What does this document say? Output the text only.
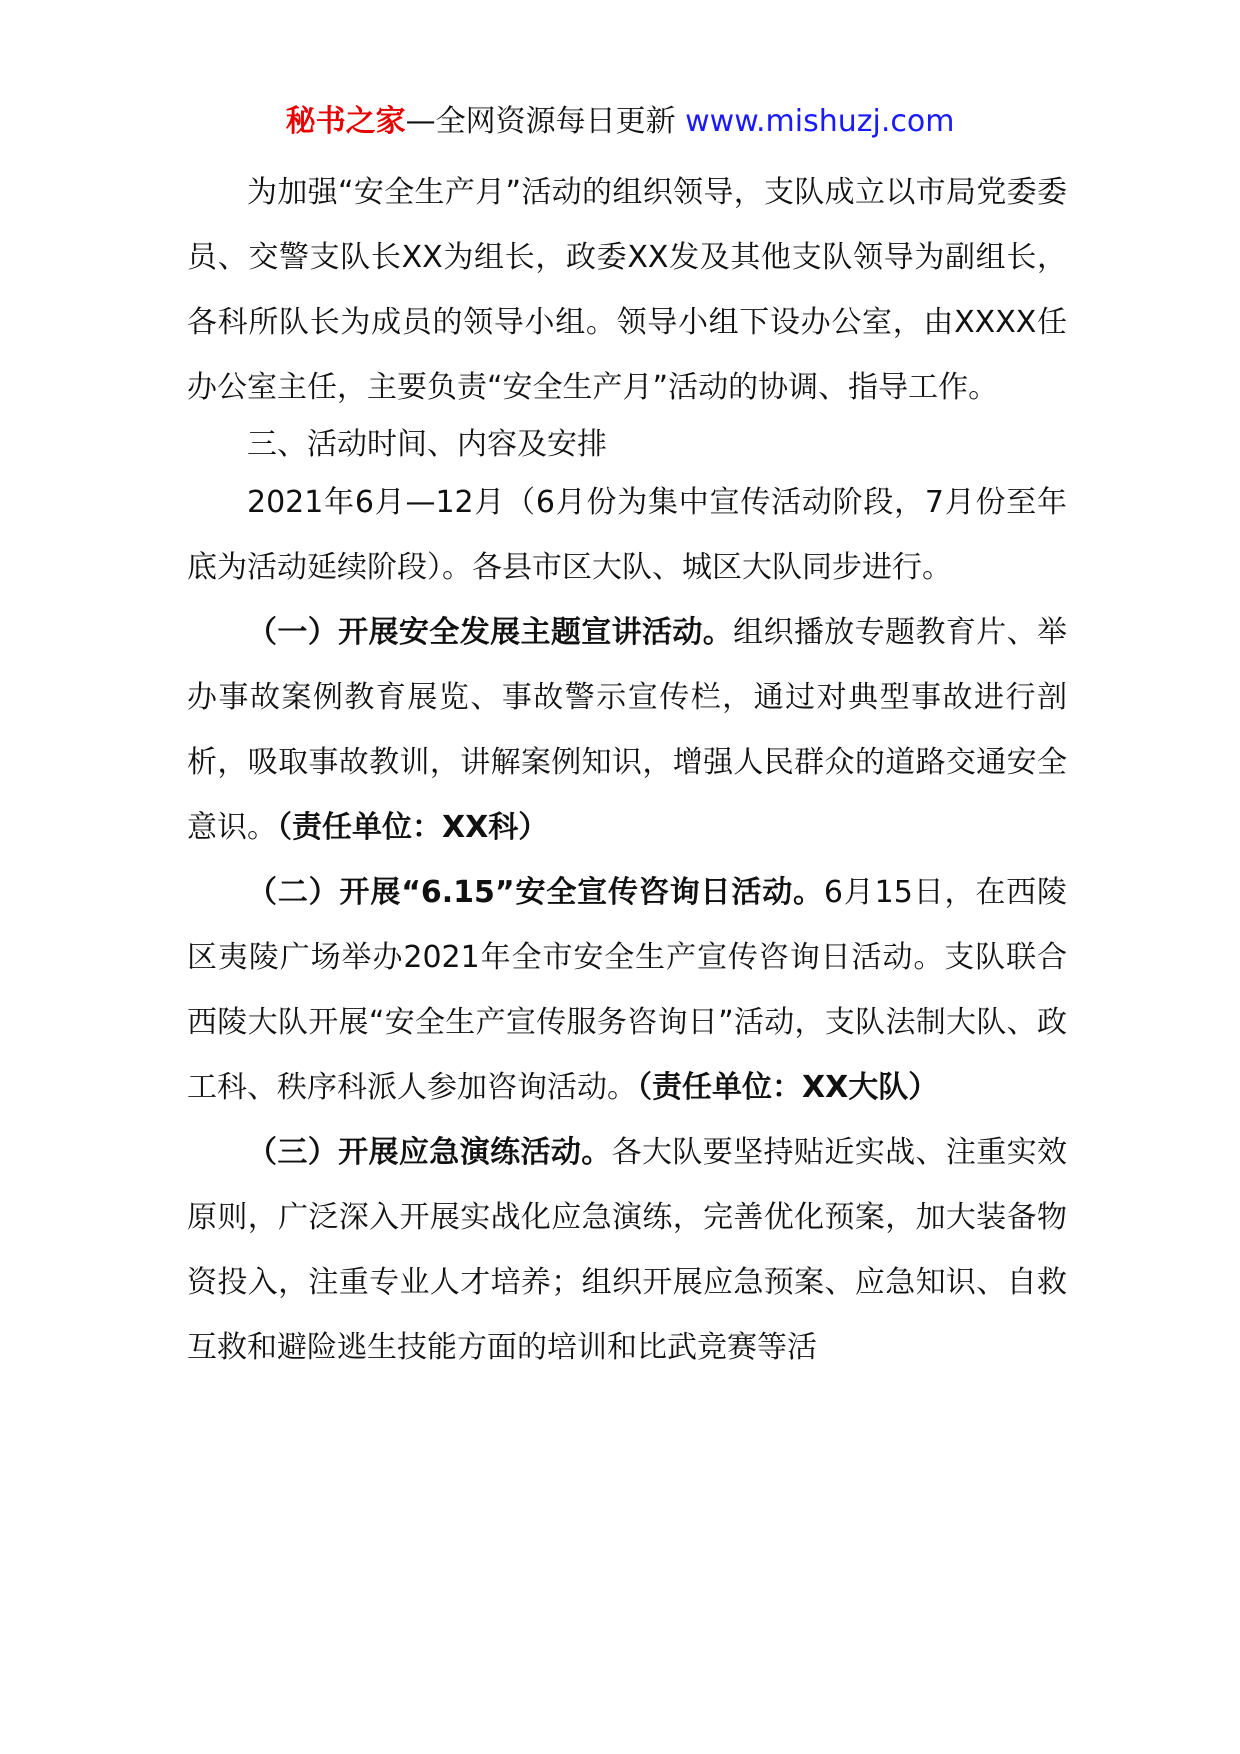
秘书之家—全网资源每日更新 www.mishuzj.com

为加强“安全生产月”活动的组织领导，支队成立以市局党委委员、交警支队长XX为组长，政委XX发及其他支队领导为副组长，各科所队长为成员的领导小组。领导小组下设办公室，由XXXX任办公室主任，主要负责“安全生产月”活动的协调、指导工作。

三、活动时间、内容及安排

2021年6月—12月（6月份为集中宣传活动阶段，7月份至年底为活动延续阶段）。各县市区大队、城区大队同步进行。

（一）开展安全发展主题宣讲活动。组织播放专题教育片、举办事故案例教育展览、事故警示宣传栏，通过对典型事故进行剖析，吸取事故教训，讲解案例知识，增强人民群众的道路交通安全意识。（责任单位：XX科）

（二）开展“6.15”安全宣传咨询日活动。6月15日，在西陵区夷陵广场举办2021年全市安全生产宣传咨询日活动。支队联合西陵大队开展“安全生产宣传服务咨询日”活动，支队法制大队、政工科、秩序科派人参加咨询活动。（责任单位：XX大队）

（三）开展应急演练活动。各大队要坚持贴近实战、注重实效原则，广泛深入开展实战化应急演练，完善优化预案，加大装备物资投入，注重专业人才培养；组织开展应急预案、应急知识、自救互救和避险逃生技能方面的培训和比武竞赛等活
